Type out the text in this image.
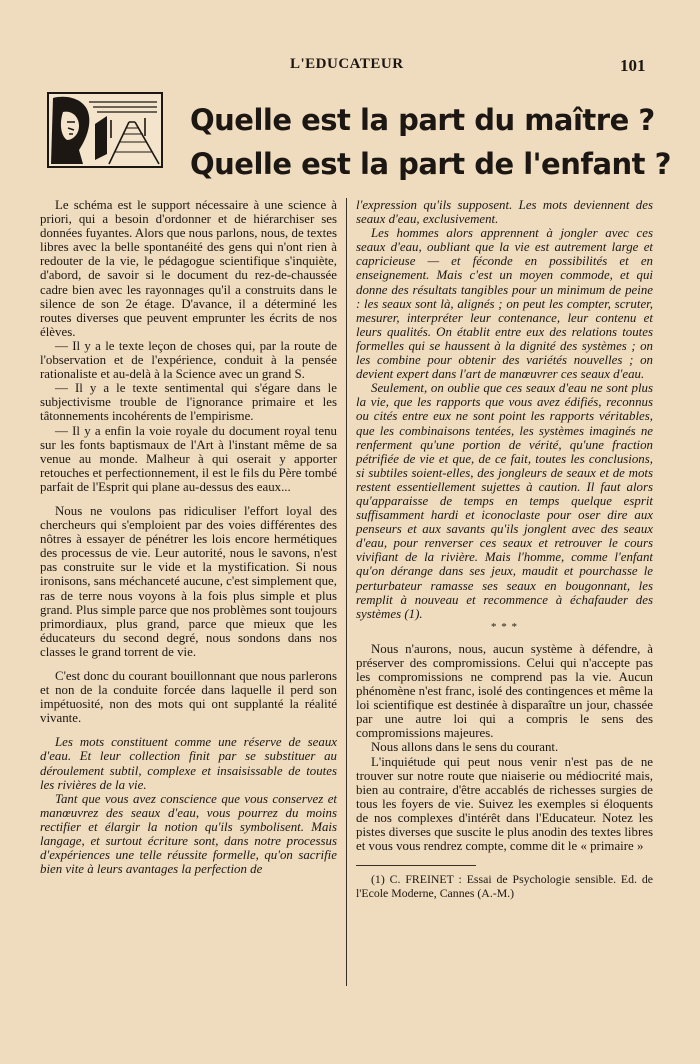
L'EDUCATEUR	101
Quelle est la part du maître ?
Quelle est la part de l'enfant ?

Le schéma est le support nécessaire à une science à priori, qui a besoin d'ordonner et de hiérarchiser ses données fuyantes. Alors que nous parlons, nous, de textes libres avec la belle spontanéité des gens qui n'ont rien à redouter de la vie, le pédagogue scientifique s'inquiète, d'abord, de savoir si le document du rez-de-chaussée cadre bien avec les rayonnages qu'il a construits dans le silence de son 2e étage. D'avance, il a déterminé les routes diverses que peuvent emprunter les écrits de nos élèves.

— Il y a le texte leçon de choses qui, par la route de l'observation et de l'expérience, conduit à la pensée rationaliste et au-delà à la Science avec un grand S.

— Il y a le texte sentimental qui s'égare dans le subjectivisme trouble de l'ignorance primaire et les tâtonnements incohérents de l'empirisme.

— Il y a enfin la voie royale du document royal tenu sur les fonts baptismaux de l'Art à l'instant même de sa venue au monde. Malheur à qui oserait y apporter retouches et perfectionnement, il est le fils du Père tombé parfait de l'Esprit qui plane au-dessus des eaux...

Nous ne voulons pas ridiculiser l'effort loyal des chercheurs qui s'emploient par des voies différentes des nôtres à essayer de pénétrer les lois encore hermétiques des processus de vie. Leur autorité, nous le savons, n'est pas construite sur le vide et la mystification. Si nous ironisons, sans méchanceté aucune, c'est simplement que, ras de terre nous voyons à la fois plus simple et plus grand. Plus simple parce que nos problèmes sont toujours primordiaux, plus grand, parce que mieux que les éducateurs du second degré, nous sondons dans nos classes le grand torrent de vie.

C'est donc du courant bouillonnant que nous parlerons et non de la conduite forcée dans laquelle il perd son impétuosité, non des mots qui ont supplanté la réalité vivante.

Les mots constituent comme une réserve de seaux d'eau. Et leur collection finit par se substituer au déroulement subtil, complexe et insaisissable de toutes les rivières de la vie.

Tant que vous avez conscience que vous conservez et manœuvrez des seaux d'eau, vous pourrez du moins rectifier et élargir la notion qu'ils symbolisent. Mais langage, et surtout écriture sont, dans notre processus d'expériences une telle réussite formelle, qu'on sacrifie bien vite à leurs avantages la perfection de

l'expression qu'ils supposent. Les mots deviennent des seaux d'eau, exclusivement.

Les hommes alors apprennent à jongler avec ces seaux d'eau, oubliant que la vie est autrement large et capricieuse — et féconde en possibilités et en enseignement. Mais c'est un moyen commode, et qui donne des résultats tangibles pour un minimum de peine : les seaux sont là, alignés ; on peut les compter, scruter, mesurer, interpréter leur contenance, leur contenu et leurs qualités. On établit entre eux des relations toutes formelles qui se haussent à la dignité des systèmes ; on les combine pour obtenir des variétés nouvelles ; on devient expert dans l'art de manœuvrer ces seaux d'eau.

Seulement, on oublie que ces seaux d'eau ne sont plus la vie, que les rapports que vous avez édifiés, reconnus ou cités entre eux ne sont point les rapports véritables, que les combinaisons tentées, les systèmes imaginés ne renferment qu'une portion de vérité, qu'une fraction pétrifiée de vie et que, de ce fait, toutes les conclusions, si subtiles soient-elles, des jongleurs de seaux et de mots restent essentiellement sujettes à caution. Il faut alors qu'apparaisse de temps en temps quelque esprit suffisamment hardi et iconoclaste pour oser dire aux penseurs et aux savants qu'ils jonglent avec des seaux d'eau, pour renverser ces seaux et retrouver le cours vivifiant de la rivière. Mais l'homme, comme l'enfant qu'on dérange dans ses jeux, maudit et pourchasse le perturbateur ramasse ses seaux en bougonnant, les remplit à nouveau et recommence à échafauder des systèmes (1).

* * *

Nous n'aurons, nous, aucun système à défendre, à préserver des compromissions. Celui qui n'accepte pas les compromissions ne comprend pas la vie. Aucun phénomène n'est franc, isolé des contingences et même la loi scientifique est destinée à disparaître un jour, chassée par une autre loi qui a compris le sens des compromissions majeures.

Nous allons dans le sens du courant.

L'inquiétude qui peut nous venir n'est pas de ne trouver sur notre route que niaiserie ou médiocrité mais, bien au contraire, d'être accablés de richesses surgies de tous les foyers de vie. Suivez les exemples si éloquents de nos complexes d'intérêt dans l'Educateur. Notez les pistes diverses que suscite le plus anodin des textes libres et vous vous rendrez compte, comme dit le « primaire »

(1) C. FREINET : Essai de Psychologie sensible. Ed. de l'Ecole Moderne, Cannes (A.-M.)
